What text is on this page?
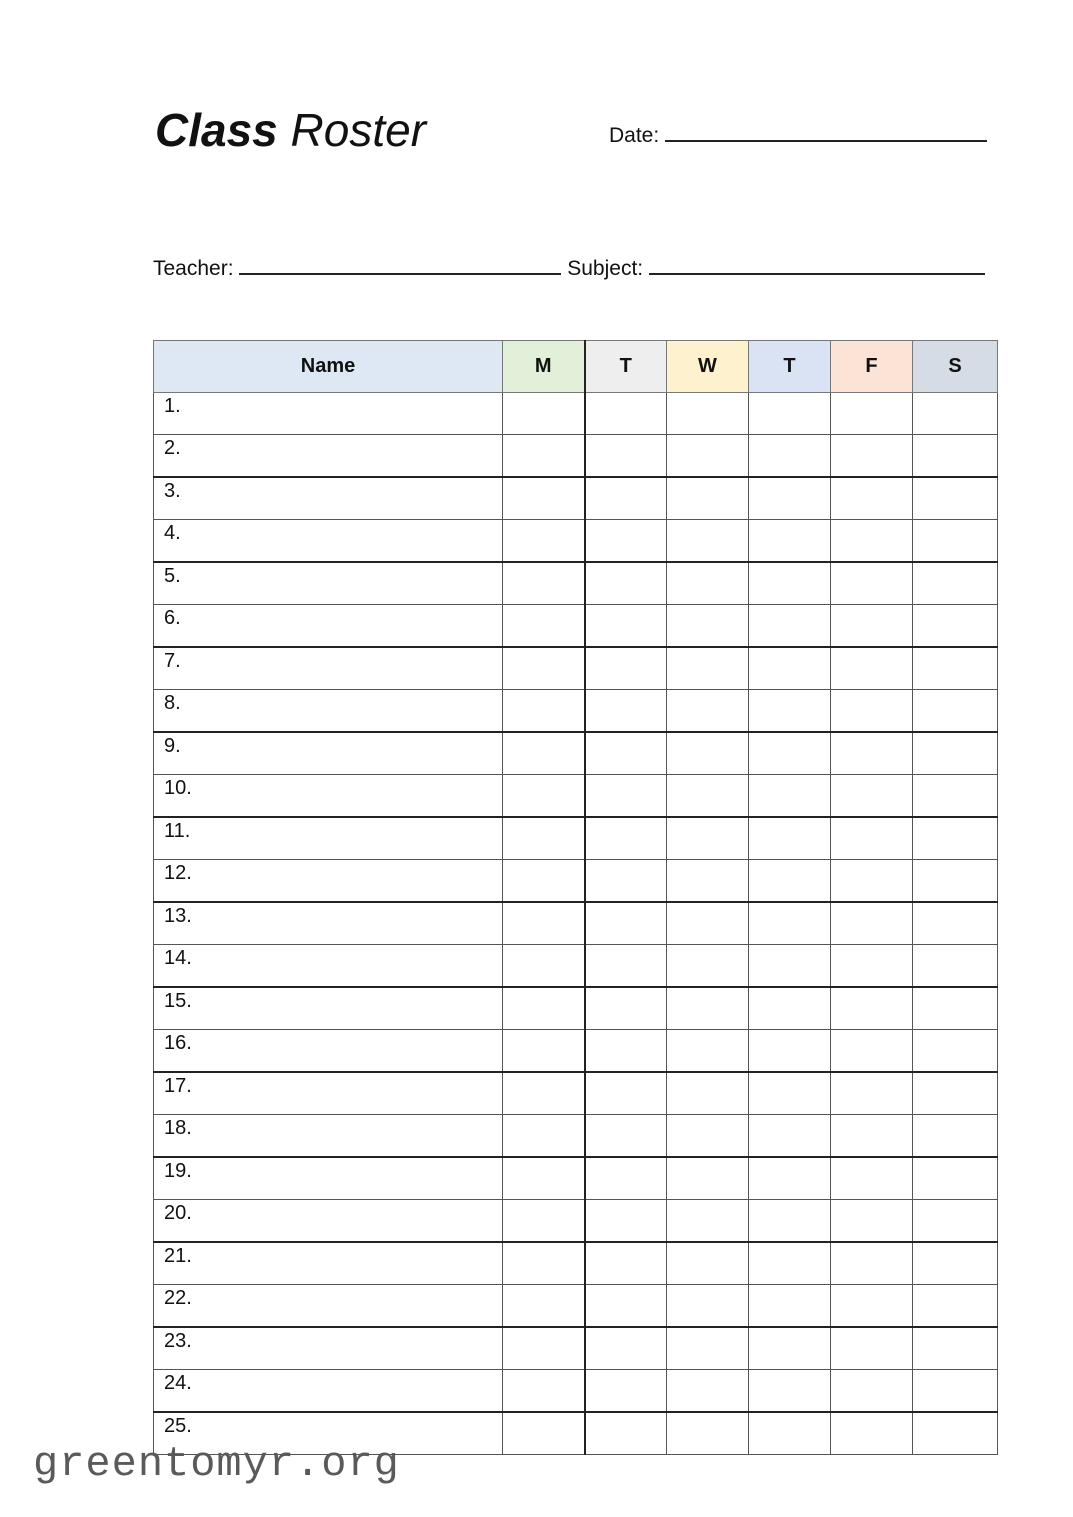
Class Roster	Date:
Teacher:	Subject:
Name	M	T	W	T	F	S
1.						
2.						
3.						
4.						
5.						
6.						
7.						
8.						
9.						
10.						
11.						
12.						
13.						
14.						
15.						
16.						
17.						
18.						
19.						
20.						
21.						
22.						
23.						
24.						
25.						
greentomyr.org
